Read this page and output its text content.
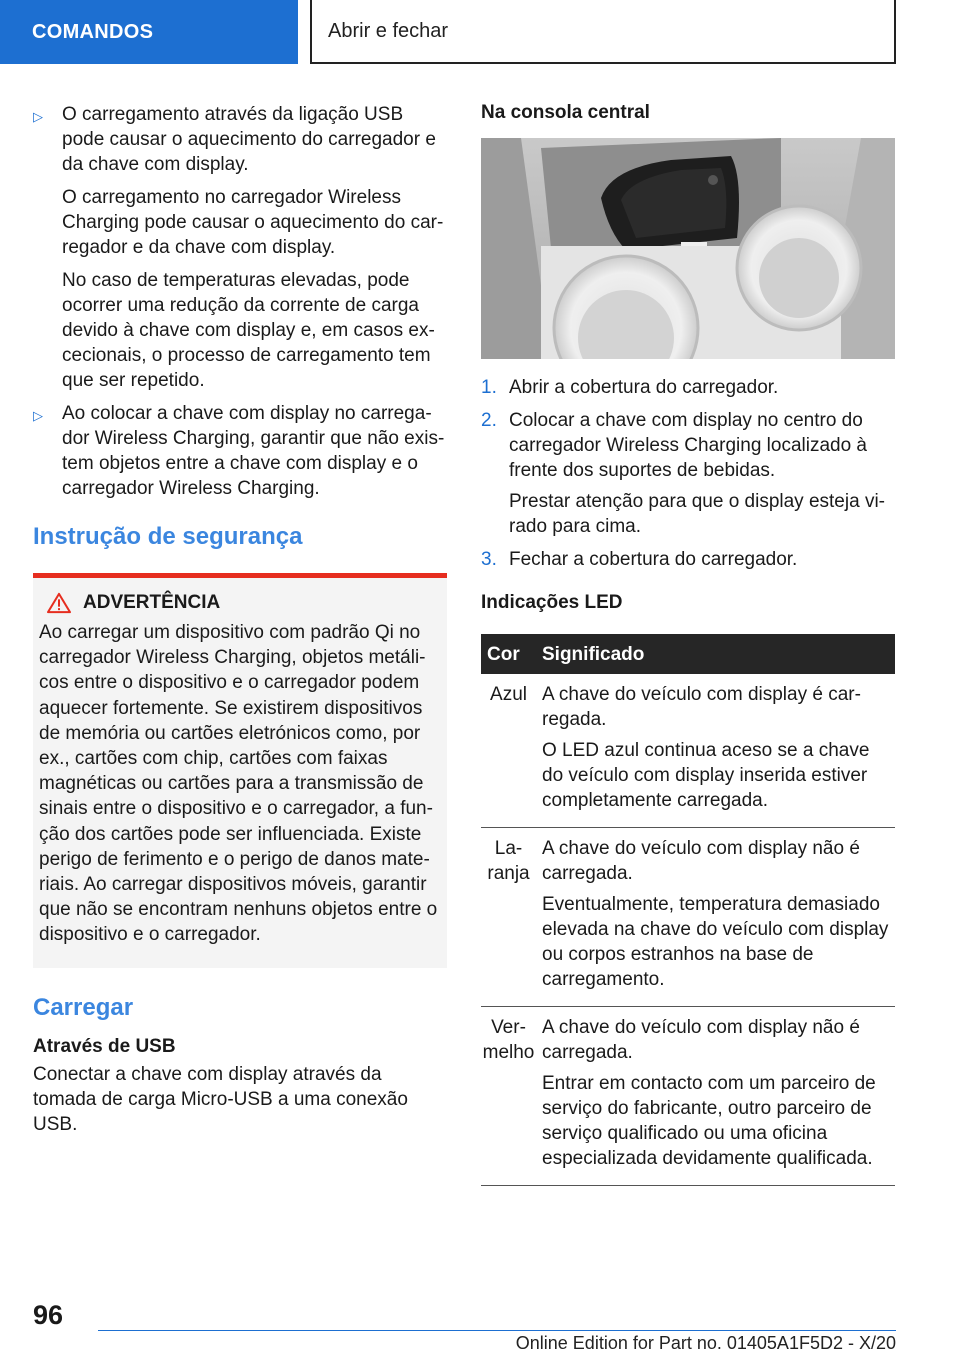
COMANDOS	Abrir e fechar
▷ O carregamento através da ligação USB pode causar o aquecimento do carregador e da chave com display.

O carregamento no carregador Wireless Charging pode causar o aquecimento do carregador e da chave com display.

No caso de temperaturas elevadas, pode ocorrer uma redução da corrente de carga devido à chave com display e, em casos excecionais, o processo de carregamento tem que ser repetido.

▷ Ao colocar a chave com display no carregador Wireless Charging, garantir que não existem objetos entre a chave com display e o carregador Wireless Charging.

Instrução de segurança
ADVERTÊNCIA

Ao carregar um dispositivo com padrão Qi no carregador Wireless Charging, objetos metálicos entre o dispositivo e o carregador podem aquecer fortemente. Se existirem dispositivos de memória ou cartões eletrónicos como, por ex., cartões com chip, cartões com faixas magnéticas ou cartões para a transmissão de sinais entre o dispositivo e o carregador, a função dos cartões pode ser influenciada. Existe perigo de ferimento e o perigo de danos materiais. Ao carregar dispositivos móveis, garantir que não se encontram nenhuns objetos entre o dispositivo e o carregador.

Carregar
Através de USB

Conectar a chave com display através da tomada de carga Micro-USB a uma conexão USB.

Na consola central
1. Abrir a cobertura do carregador.

2. Colocar a chave com display no centro do carregador Wireless Charging localizado à frente dos suportes de bebidas.

Prestar atenção para que o display esteja virado para cima.

3. Fechar a cobertura do carregador.

Indicações LED
Cor	Significado
Azul	A chave do veículo com display é carregada.

O LED azul continua aceso se a chave do veículo com display inserida estiver completamente carregada.

Laranja	A chave do veículo com display não é carregada.

Eventualmente, temperatura demasiado elevada na chave do veículo com display ou corpos estranhos na base de carregamento.

Vermelho	A chave do veículo com display não é carregada.

Entrar em contacto com um parceiro de serviço do fabricante, outro parceiro de serviço qualificado ou uma oficina especializada devidamente qualificada.

96
Online Edition for Part no. 01405A1F5D2 - X/20
